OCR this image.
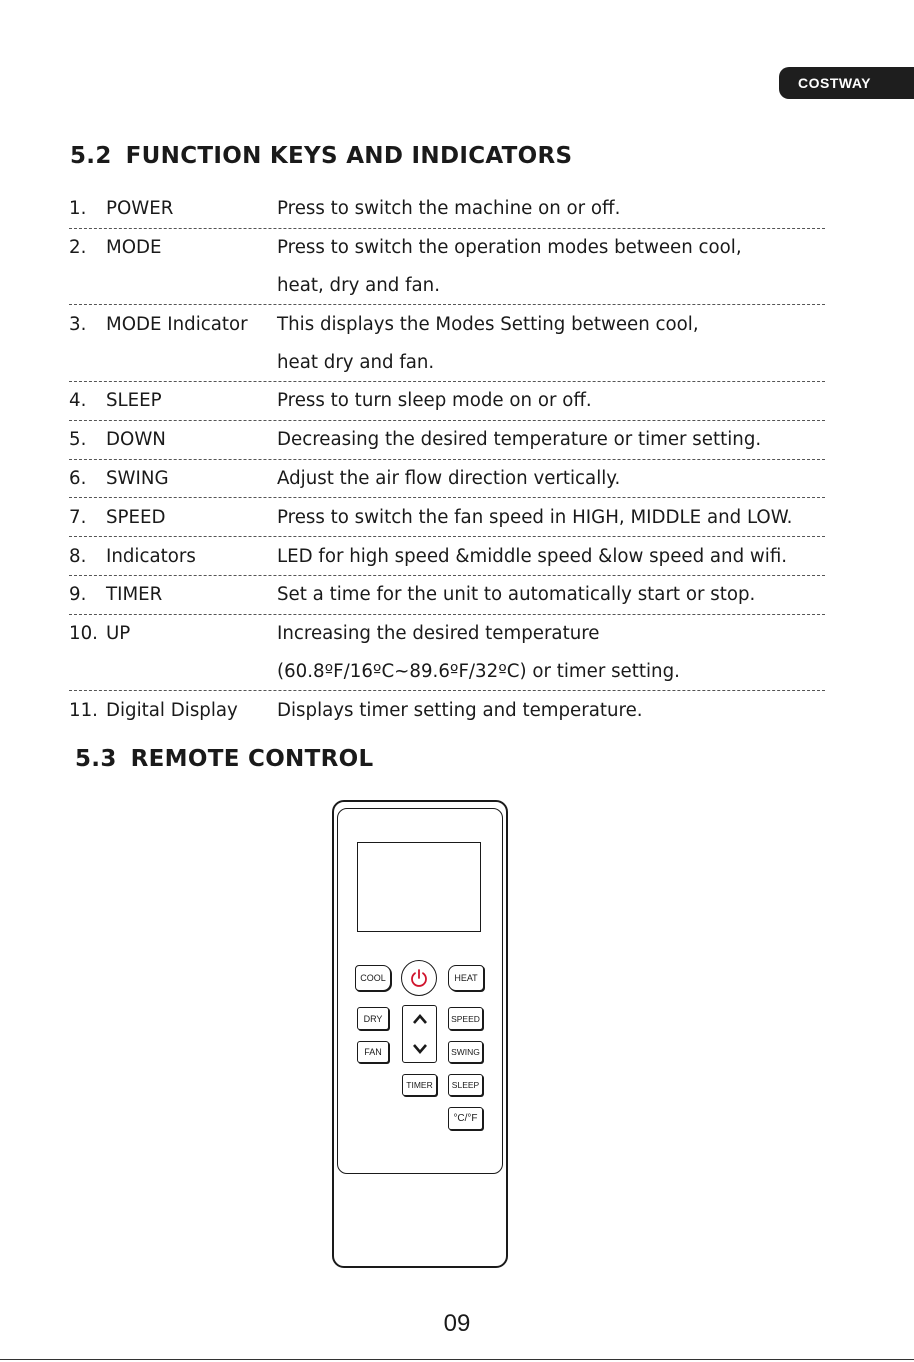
COSTWAY
5.2 FUNCTION KEYS AND INDICATORS
1.	POWER	Press to switch the machine on or off.
2.	MODE	Press to switch the operation modes between cool,
heat, dry and fan.
3.	MODE Indicator	This displays the Modes Setting between cool,
heat dry and fan.
4.	SLEEP	Press to turn sleep mode on or off.
5.	DOWN	Decreasing the desired temperature or timer setting.
6.	SWING	Adjust the air flow direction vertically.
7.	SPEED	Press to switch the fan speed in HIGH, MIDDLE and LOW.
8.	Indicators	LED for high speed &middle speed &low speed and wifi.
9.	TIMER	Set a time for the unit to automatically start or stop.
10. UP	Increasing the desired temperature
(60.8ºF/16ºC~89.6ºF/32ºC) or timer setting.
11. Digital Display	Displays timer setting and temperature.
5.3 REMOTE CONTROL
COOL	HEAT
DRY	SPEED
FAN	SWING
TIMER	SLEEP
°C/°F
09
